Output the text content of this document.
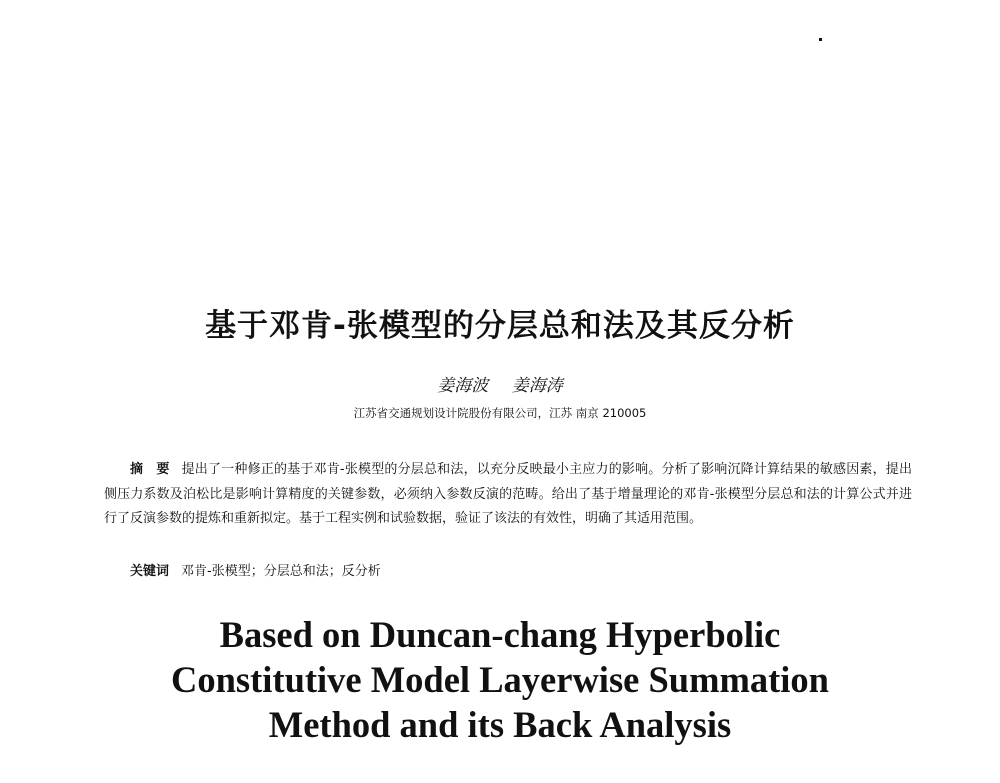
基于邓肯-张模型的分层总和法及其反分析
姜海波 姜海涛
江苏省交通规划设计院股份有限公司，江苏 南京 210005
摘　要 提出了一种修正的基于邓肯-张模型的分层总和法，以充分反映最小主应力的影响。分析了影响沉降计算结果的敏感因素，提出侧压力系数及泊松比是影响计算精度的关键参数，必须纳入参数反演的范畴。给出了基于增量理论的邓肯-张模型分层总和法的计算公式并进行了反演参数的提炼和重新拟定。基于工程实例和试验数据，验证了该法的有效性，明确了其适用范围。
关键词 邓肯-张模型；分层总和法；反分析
Based on Duncan-chang Hyperbolic
Constitutive Model Layerwise Summation
Method and its Back Analysis
